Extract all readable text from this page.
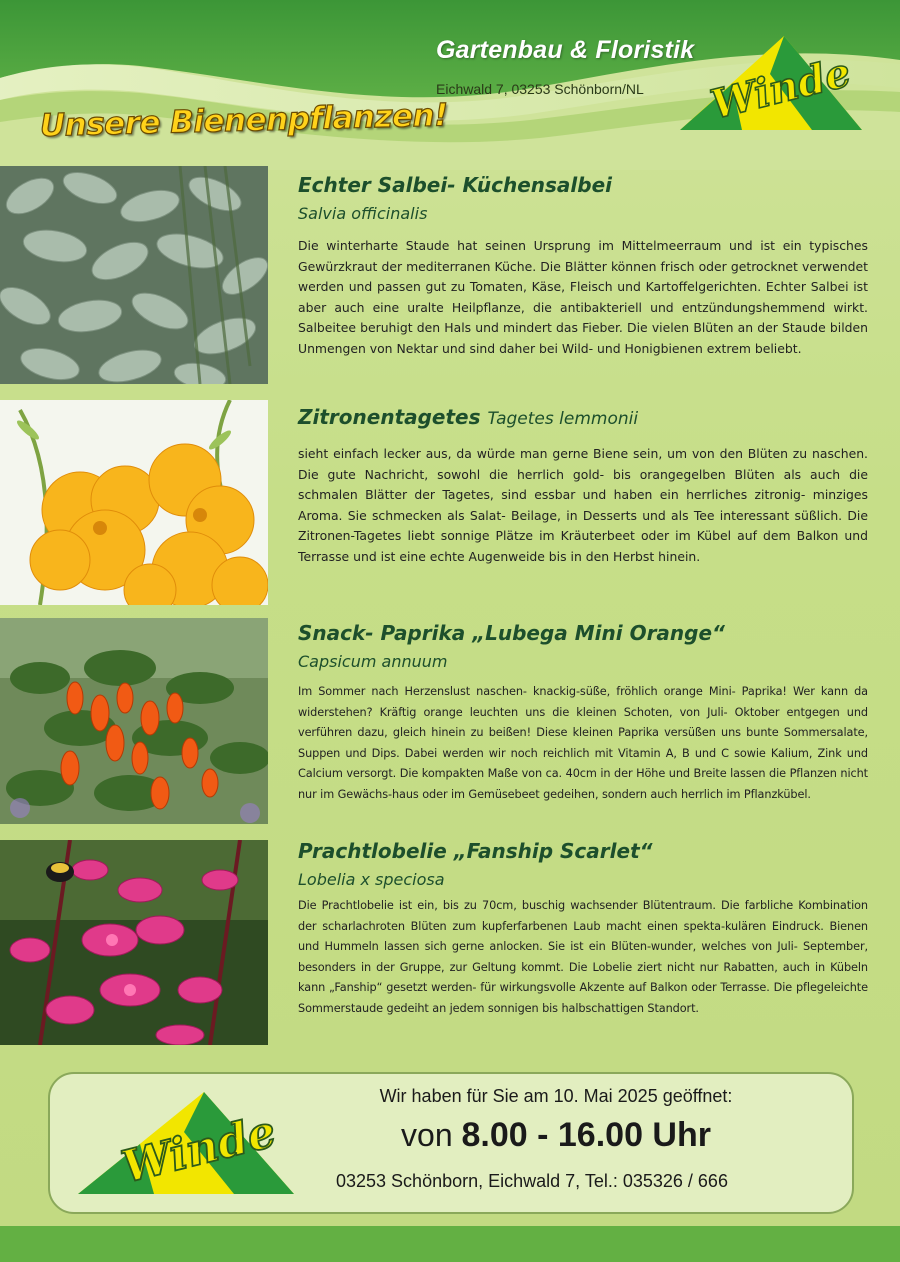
Gartenbau & Floristik
Eichwald 7, 03253 Schönborn/NL Winde
Unsere Bienenpflanzen!
Echter Salbei- Küchensalbei
Salvia officinalis
Die winterharte Staude hat seinen Ursprung im Mittelmeerraum und ist ein typisches Gewürzkraut der mediterranen Küche. Die Blätter können frisch oder getrocknet verwendet werden und passen gut zu Tomaten, Käse, Fleisch und Kartoffelgerichten. Echter Salbei ist aber auch eine uralte Heilpflanze, die antibakteriell und entzündungshemmend wirkt. Salbeitee beruhigt den Hals und mindert das Fieber. Die vielen Blüten an der Staude bilden Unmengen von Nektar und sind daher bei Wild- und Honigbienen extrem beliebt.
Zitronentagetes Tagetes lemmonii
sieht einfach lecker aus, da würde man gerne Biene sein, um von den Blüten zu naschen. Die gute Nachricht, sowohl die herrlich gold- bis orangegelben Blüten als auch die schmalen Blätter der Tagetes, sind essbar und haben ein herrliches zitronig- minziges Aroma. Sie schmecken als Salat- Beilage, in Desserts und als Tee interessant süßlich. Die Zitronen-Tagetes liebt sonnige Plätze im Kräuterbeet oder im Kübel auf dem Balkon und Terrasse und ist eine echte Augenweide bis in den Herbst hinein.
Snack- Paprika „Lubega Mini Orange“
Capsicum annuum
Im Sommer nach Herzenslust naschen- knackig-süße, fröhlich orange Mini- Paprika! Wer kann da widerstehen? Kräftig orange leuchten uns die kleinen Schoten, von Juli- Oktober entgegen und verführen dazu, gleich hinein zu beißen! Diese kleinen Paprika versüßen uns bunte Sommersalate, Suppen und Dips. Dabei werden wir noch reichlich mit Vitamin A, B und C sowie Kalium, Zink und Calcium versorgt. Die kompakten Maße von ca. 40cm in der Höhe und Breite lassen die Pflanzen nicht nur im Gewächs-haus oder im Gemüsebeet gedeihen, sondern auch herrlich im Pflanzkübel.
Prachtlobelie „Fanship Scarlet“
Lobelia x speciosa
Die Prachtlobelie ist ein, bis zu 70cm, buschig wachsender Blütentraum. Die farbliche Kombination der scharlachroten Blüten zum kupferfarbenen Laub macht einen spekta-kulären Eindruck. Bienen und Hummeln lassen sich gerne anlocken. Sie ist ein Blüten-wunder, welches von Juli- September, besonders in der Gruppe, zur Geltung kommt. Die Lobelie ziert nicht nur Rabatten, auch in Kübeln kann „Fanship“ gesetzt werden- für wirkungsvolle Akzente auf Balkon oder Terrasse. Die pflegeleichte Sommerstaude gedeiht an jedem sonnigen bis halbschattigen Standort.
Winde
Wir haben für Sie am 10. Mai 2025 geöffnet:
von 8.00 - 16.00 Uhr
03253 Schönborn, Eichwald 7, Tel.: 035326 / 666
